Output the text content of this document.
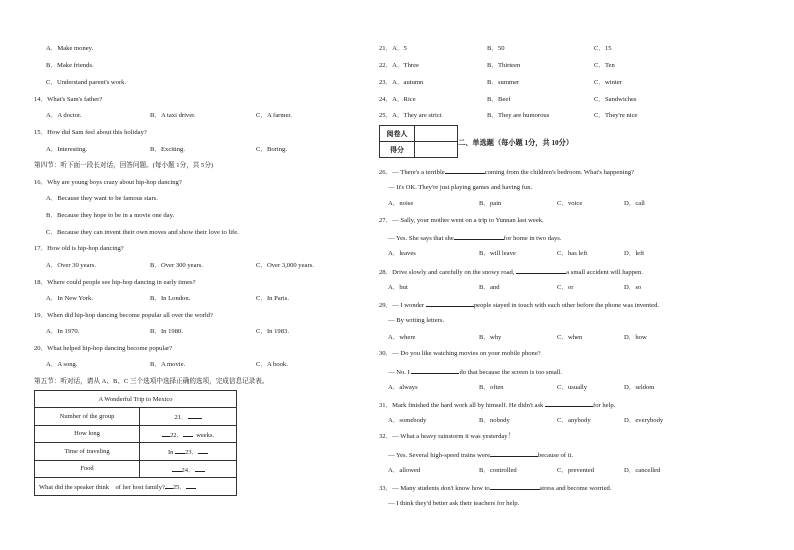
A．Make money.
B．Make friends.
C．Understand parent's work.
14．What's Sam's father?
A．A doctor.	B．A taxi driver.	C．A farmer.
15．How did Sam feel about this holiday?
A．Interesting.	B．Exciting.	C．Boring.
第四节：听下面一段长对话，回答问题。(每小题 1分，共 5分)
16．Why are young boys crazy about hip-hop dancing?
A．Because they want to be famous stars.
B．Because they hope to be in a movie one day.
C．Because they can invent their own moves and show their love to life.
17．How old is hip-hop dancing?
A．Over 30 years.	B．Over 300 years.	C．Over 3,000 years.
18．Where could people see hip-hop dancing in early times?
A．In New York.	B．In London.	C．In Paris.
19．When did hip-hop dancing become popular all over the world?
A．In 1970.	B．In 1980.	C．In 1983.
20．What helped hip-hop dancing become popular?
A．A song.	B．A movie.	C．A book.
第五节：听对话，请从 A、B、C 三个选项中选择正确的选项，完成信息记录表。
A Wonderful Trip to Mexico	
Number of the group	21．
How long	22． weeks.
Time of traveling	In 23．
Food	24．
What did the speaker think of her host family? 25．	
21．A．5	B．50	C．15
22．A．Three	B．Thirteen	C．Ten
23．A．autumn	B．summer	C．winter
24．A．Rice	B．Beef	C．Sandwiches
25．A．They are strict	B．They are humorous	C．They're nice
阅卷人	
得分	
二、单选题（每小题 1分，共 10分）
26．— There's a terrible	coming from the children's bedroom. What's happening?
— It's OK. They're just playing games and having fun.
A．noise	B．pain	C．voice	D．call
27．— Sally, your mother went on a trip to Yunnan last week.
— Yes. She says that she	for home in two days.
A．leaves	B．will leave	C．has left	D．left
28．Drive slowly and carefully on the snowy road,	a small accident will happen.
A．but	B．and	C．or	D．so
29．— I wonder	people stayed in touch with each other before the phone was invented.
— By writing letters.
A．where	B．why	C．when	D．how
30．— Do you like watching movies on your mobile phone?
— No. I	do that because the screen is too small.
A．always	B．often	C．usually	D．seldom
31．Mark finished the hard work all by himself. He didn't ask	for help.
A．somebody	B．nobody	C．anybody	D．everybody
32．— What a heavy rainstorm it was yesterday！
— Yes. Several high-speed trains were	because of it.
A．allowed	B．controlled	C．prevented	D．cancelled
33．— Many students don't know how to	stress and become worried.
— I think they'd better ask their teachers for help.
